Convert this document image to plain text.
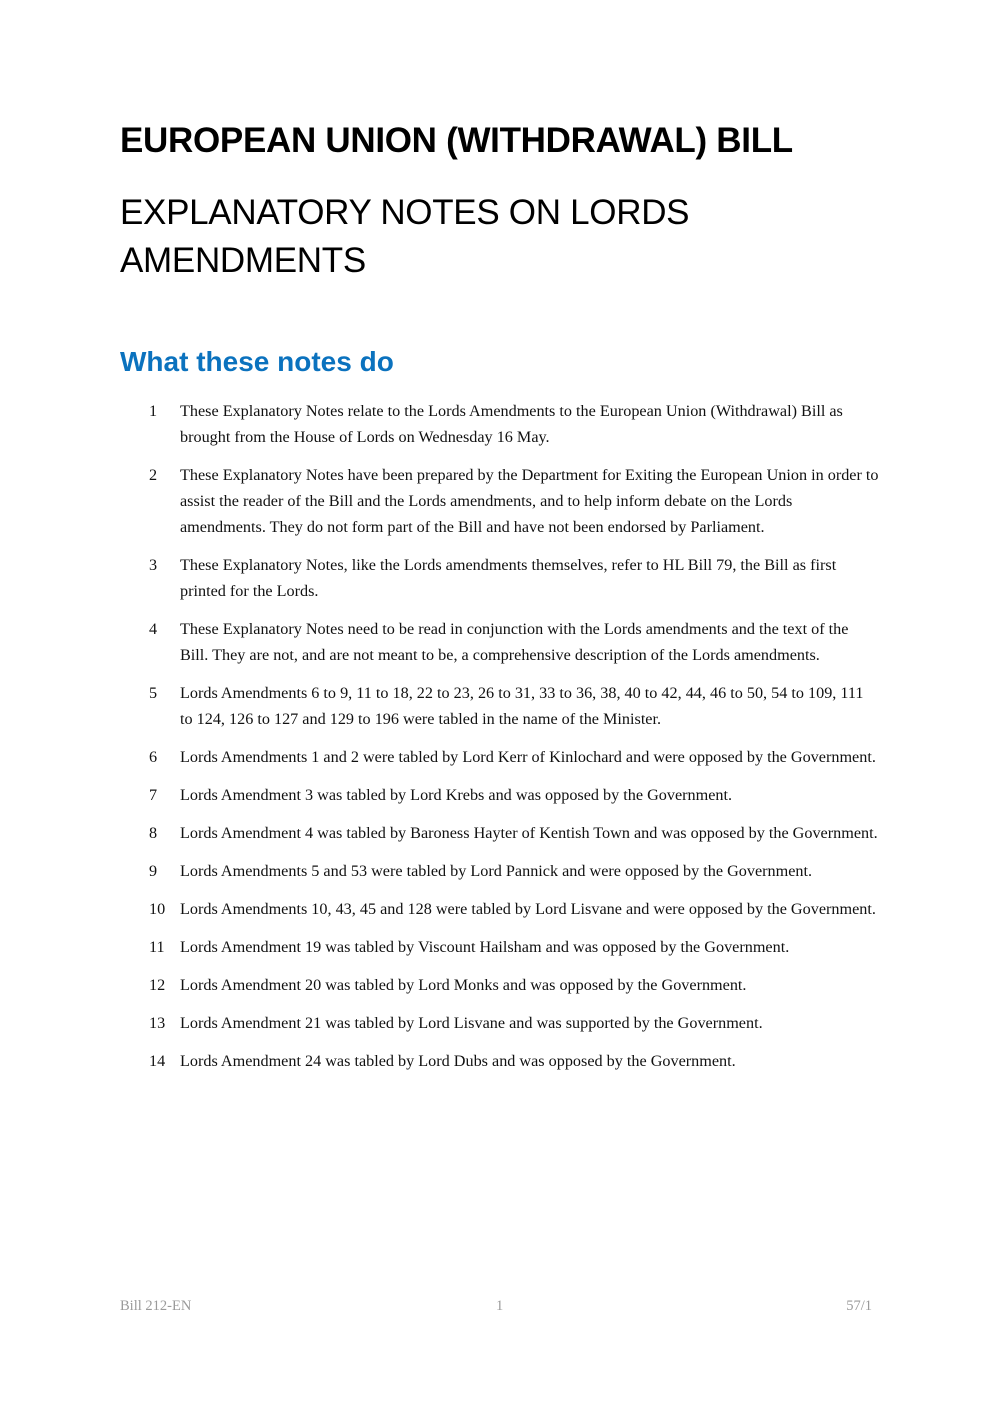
EUROPEAN UNION (WITHDRAWAL) BILL
EXPLANATORY NOTES ON LORDS AMENDMENTS
What these notes do
1	These Explanatory Notes relate to the Lords Amendments to the European Union (Withdrawal) Bill as brought from the House of Lords on Wednesday 16 May.
2	These Explanatory Notes have been prepared by the Department for Exiting the European Union in order to assist the reader of the Bill and the Lords amendments, and to help inform debate on the Lords amendments. They do not form part of the Bill and have not been endorsed by Parliament.
3	These Explanatory Notes, like the Lords amendments themselves, refer to HL Bill 79, the Bill as first printed for the Lords.
4	These Explanatory Notes need to be read in conjunction with the Lords amendments and the text of the Bill. They are not, and are not meant to be, a comprehensive description of the Lords amendments.
5	Lords Amendments 6 to 9, 11 to 18, 22 to 23, 26 to 31, 33 to 36, 38, 40 to 42, 44, 46 to 50, 54 to 109, 111 to 124, 126 to 127 and 129 to 196 were tabled in the name of the Minister.
6	Lords Amendments 1 and 2 were tabled by Lord Kerr of Kinlochard and were opposed by the Government.
7	Lords Amendment 3 was tabled by Lord Krebs and was opposed by the Government.
8	Lords Amendment 4 was tabled by Baroness Hayter of Kentish Town and was opposed by the Government.
9	Lords Amendments 5 and 53 were tabled by Lord Pannick and were opposed by the Government.
10 Lords Amendments 10, 43, 45 and 128 were tabled by Lord Lisvane and were opposed by the Government.
11 Lords Amendment 19 was tabled by Viscount Hailsham and was opposed by the Government.
12 Lords Amendment 20 was tabled by Lord Monks and was opposed by the Government.
13 Lords Amendment 21 was tabled by Lord Lisvane and was supported by the Government.
14 Lords Amendment 24 was tabled by Lord Dubs and was opposed by the Government.
Bill 212-EN	1	57/1
